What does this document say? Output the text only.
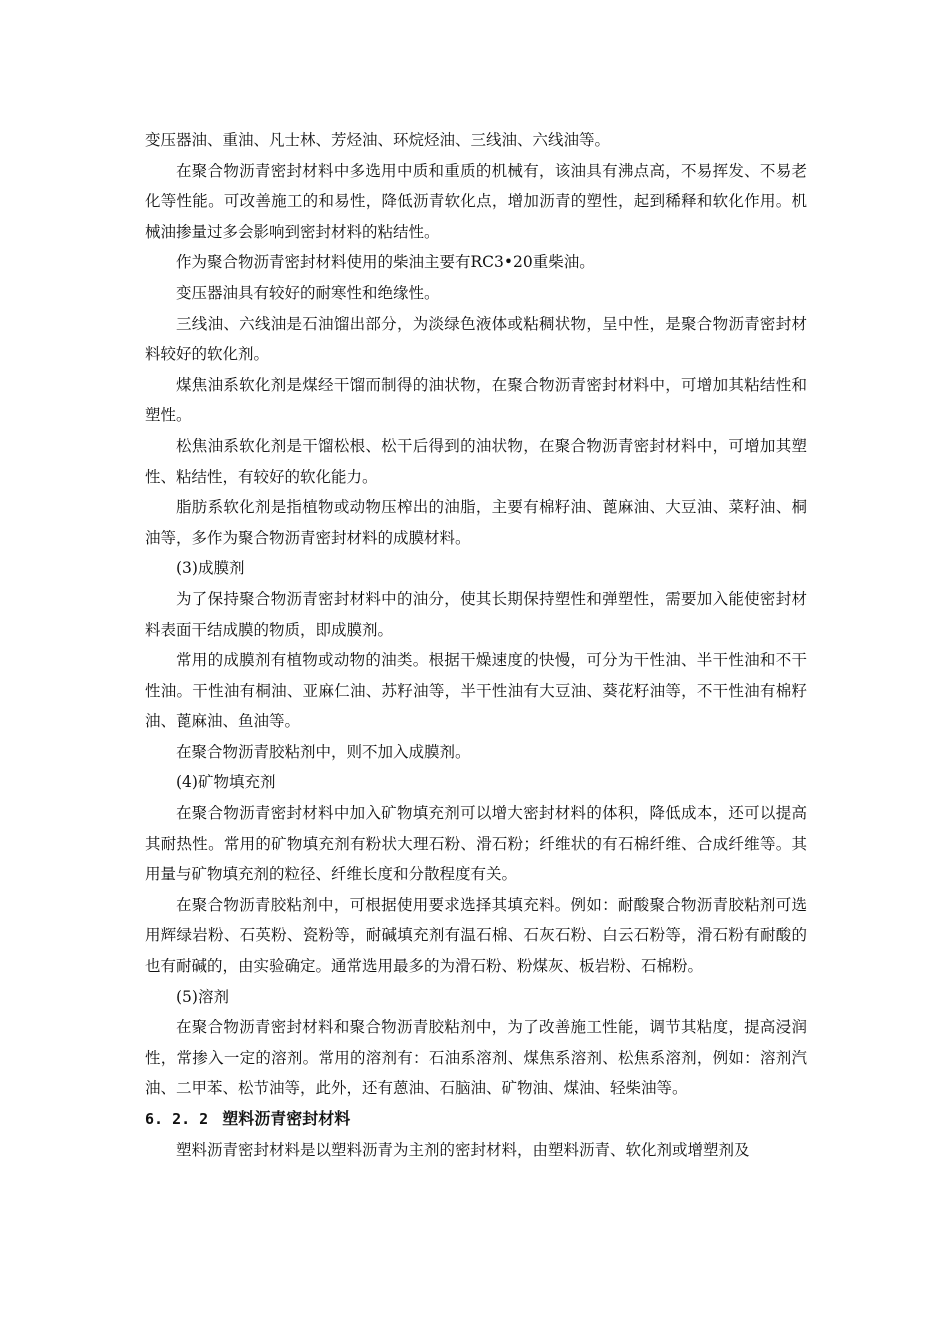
变压器油、重油、凡士林、芳烃油、环烷烃油、三线油、六线油等。

在聚合物沥青密封材料中多选用中质和重质的机械有，该油具有沸点高，不易挥发、不易老化等性能。可改善施工的和易性，降低沥青软化点，增加沥青的塑性，起到稀释和软化作用。机械油掺量过多会影响到密封材料的粘结性。

作为聚合物沥青密封材料使用的柴油主要有RC3•20重柴油。

变压器油具有较好的耐寒性和绝缘性。

三线油、六线油是石油馏出部分，为淡绿色液体或粘稠状物，呈中性，是聚合物沥青密封材料较好的软化剂。

煤焦油系软化剂是煤经干馏而制得的油状物，在聚合物沥青密封材料中，可增加其粘结性和塑性。

松焦油系软化剂是干馏松根、松干后得到的油状物，在聚合物沥青密封材料中，可增加其塑性、粘结性，有较好的软化能力。

脂肪系软化剂是指植物或动物压榨出的油脂，主要有棉籽油、蓖麻油、大豆油、菜籽油、桐油等，多作为聚合物沥青密封材料的成膜材料。

(3)成膜剂

为了保持聚合物沥青密封材料中的油分，使其长期保持塑性和弹塑性，需要加入能使密封材料表面干结成膜的物质，即成膜剂。

常用的成膜剂有植物或动物的油类。根据干燥速度的快慢，可分为干性油、半干性油和不干性油。干性油有桐油、亚麻仁油、苏籽油等，半干性油有大豆油、葵花籽油等，不干性油有棉籽油、蓖麻油、鱼油等。

在聚合物沥青胶粘剂中，则不加入成膜剂。

(4)矿物填充剂

在聚合物沥青密封材料中加入矿物填充剂可以增大密封材料的体积，降低成本，还可以提高其耐热性。常用的矿物填充剂有粉状大理石粉、滑石粉；纤维状的有石棉纤维、合成纤维等。其用量与矿物填充剂的粒径、纤维长度和分散程度有关。

在聚合物沥青胶粘剂中，可根据使用要求选择其填充料。例如：耐酸聚合物沥青胶粘剂可选用辉绿岩粉、石英粉、瓷粉等，耐碱填充剂有温石棉、石灰石粉、白云石粉等，滑石粉有耐酸的也有耐碱的，由实验确定。通常选用最多的为滑石粉、粉煤灰、板岩粉、石棉粉。

(5)溶剂

在聚合物沥青密封材料和聚合物沥青胶粘剂中，为了改善施工性能，调节其粘度，提高浸润性，常掺入一定的溶剂。常用的溶剂有：石油系溶剂、煤焦系溶剂、松焦系溶剂，例如：溶剂汽油、二甲苯、松节油等，此外，还有蒽油、石脑油、矿物油、煤油、轻柴油等。

6. 2. 2 塑料沥青密封材料

塑料沥青密封材料是以塑料沥青为主剂的密封材料，由塑料沥青、软化剂或增塑剂及
